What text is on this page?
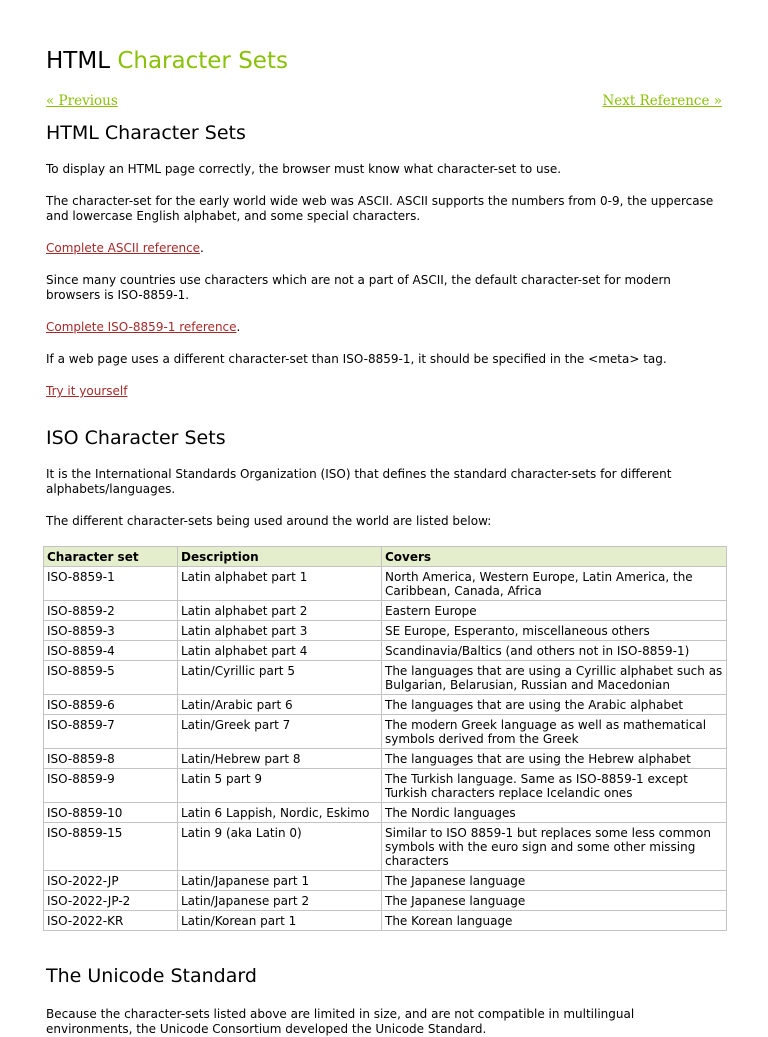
HTML Character Sets
« Previous	Next Reference »
HTML Character Sets

To display an HTML page correctly, the browser must know what character-set to use.

The character-set for the early world wide web was ASCII. ASCII supports the numbers from 0-9, the uppercase and lowercase English alphabet, and some special characters.

Complete ASCII reference.

Since many countries use characters which are not a part of ASCII, the default character-set for modern browsers is ISO-8859-1.

Complete ISO-8859-1 reference.

If a web page uses a different character-set than ISO-8859-1, it should be specified in the <meta> tag.

Try it yourself

ISO Character Sets

It is the International Standards Organization (ISO) that defines the standard character-sets for different alphabets/languages.

The different character-sets being used around the world are listed below:

Character set	Description	Covers
ISO-8859-1	Latin alphabet part 1	North America, Western Europe, Latin America, the Caribbean, Canada, Africa
ISO-8859-2	Latin alphabet part 2	Eastern Europe
ISO-8859-3	Latin alphabet part 3	SE Europe, Esperanto, miscellaneous others
ISO-8859-4	Latin alphabet part 4	Scandinavia/Baltics (and others not in ISO-8859-1)
ISO-8859-5	Latin/Cyrillic part 5	The languages that are using a Cyrillic alphabet such as Bulgarian, Belarusian, Russian and Macedonian
ISO-8859-6	Latin/Arabic part 6	The languages that are using the Arabic alphabet
ISO-8859-7	Latin/Greek part 7	The modern Greek language as well as mathematical symbols derived from the Greek
ISO-8859-8	Latin/Hebrew part 8	The languages that are using the Hebrew alphabet
ISO-8859-9	Latin 5 part 9	The Turkish language. Same as ISO-8859-1 except Turkish characters replace Icelandic ones
ISO-8859-10	Latin 6 Lappish, Nordic, Eskimo	The Nordic languages
ISO-8859-15	Latin 9 (aka Latin 0)	Similar to ISO 8859-1 but replaces some less common symbols with the euro sign and some other missing characters
ISO-2022-JP	Latin/Japanese part 1	The Japanese language
ISO-2022-JP-2	Latin/Japanese part 2	The Japanese language
ISO-2022-KR	Latin/Korean part 1	The Korean language
The Unicode Standard

Because the character-sets listed above are limited in size, and are not compatible in multilingual environments, the Unicode Consortium developed the Unicode Standard.
